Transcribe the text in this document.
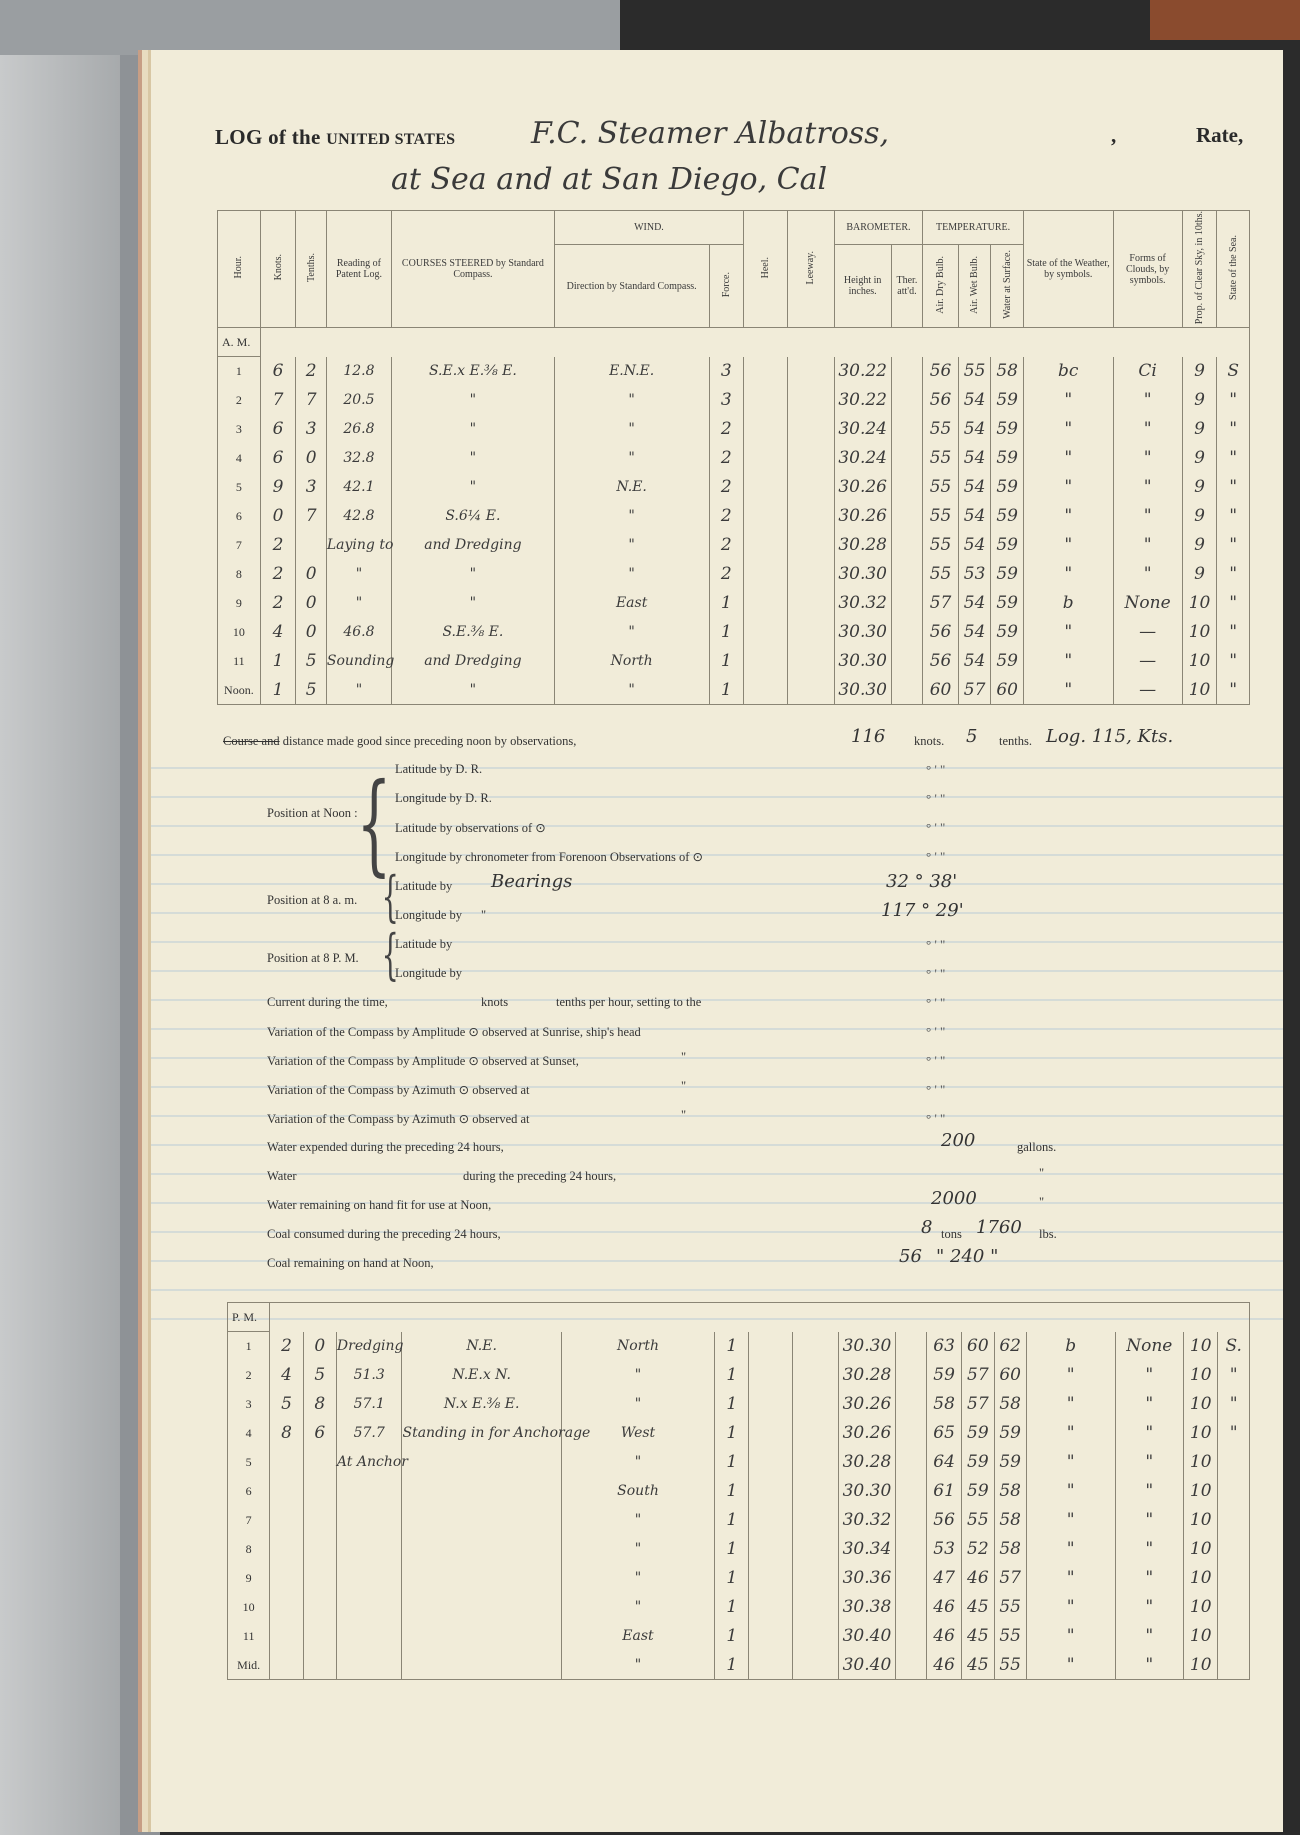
LOG of the UNITED STATES	F.C. Steamer Albatross,	,	Rate,
at Sea and at San Diego, Cal
Hour.	Knots.	Tenths.	Reading of Patent Log.	COURSES STEERED by Standard Compass.	WIND.		Heel.	Leeway.	BAROMETER.		TEMPERATURE.			State of the Weather, by symbols.	Forms of Clouds, by symbols.	Prop. of Clear Sky, in 10ths.	State of the Sea.
					Direction by Standard Compass.	Force.			Height in inches.	Ther. att'd.	Air. Dry Bulb.	Air. Wet Bulb.	Water at Surface.				
A. M.																	
1	6	2	12.8	S.E.x E.⅜ E.	E.N.E.	3			30.22		56	55	58	bc	Ci	9	S
2	7	7	20.5	"	"	3			30.22		56	54	59	"	"	9	"
3	6	3	26.8	"	"	2			30.24		55	54	59	"	"	9	"
4	6	0	32.8	"	"	2			30.24		55	54	59	"	"	9	"
5	9	3	42.1	"	N.E.	2			30.26		55	54	59	"	"	9	"
6	0	7	42.8	S.6¼ E.	"	2			30.26		55	54	59	"	"	9	"
7	2		Laying to	and Dredging	"	2			30.28		55	54	59	"	"	9	"
8	2	0	"	"	"	2			30.30		55	53	59	"	"	9	"
9	2	0	"	"	East	1			30.32		57	54	59	b	None	10	"
10	4	0	46.8	S.E.⅜ E.	"	1			30.30		56	54	59	"	—	10	"
11	1	5	Sounding	and Dredging	North	1			30.30		56	54	59	"	—	10	"
Noon.	1	5	"	"	"	1			30.30		60	57	60	"	—	10	"
Course and distance made good since preceding noon by observations,	116 knots. 5 tenths. Log. 115, Kts.
Position at Noon :
{ Latitude by D. R.
Longitude by D. R.
Latitude by observations of ⊙
Longitude by chronometer from Forenoon Observations of ⊙
Position at 8 a. m. {
Latitude by Bearings
Longitude by "
32 ° 38'
117 ° 29'
Position at 8 P. M. {
Latitude by
Longitude by
Current during the time,	knots	tenths per hour, setting to the
Variation of the Compass by Amplitude ⊙ observed at Sunrise, ship's head
Variation of the Compass by Amplitude ⊙ observed at Sunset,	"
Variation of the Compass by Azimuth ⊙ observed at	"
Variation of the Compass by Azimuth ⊙ observed at	"
° ' "
° ' "
° ' "
° ' "
° ' "
° ' "
° ' "
° ' "
° ' "
° ' "
° ' "
Water expended during the preceding 24 hours,	200	gallons.
Water	during the preceding 24 hours,	"
Water remaining on hand fit for use at Noon,	2000	"
Coal consumed during the preceding 24 hours,	8 tons 1760 lbs.
Coal remaining on hand at Noon,	56 " 240 "
P. M.																	
1	2	0	Dredging	N.E.	North	1			30.30		63	60	62	b	None	10	S.
2	4	5	51.3	N.E.x N.	"	1			30.28		59	57	60	"	"	10	"
3	5	8	57.1	N.x E.⅜ E.	"	1			30.26		58	57	58	"	"	10	"
4	8	6	57.7	Standing in for Anchorage	West	1			30.26		65	59	59	"	"	10	"
5			At Anchor		"	1			30.28		64	59	59	"	"	10	
6					South	1			30.30		61	59	58	"	"	10	
7					"	1			30.32		56	55	58	"	"	10	
8					"	1			30.34		53	52	58	"	"	10	
9					"	1			30.36		47	46	57	"	"	10	
10					"	1			30.38		46	45	55	"	"	10	
11					East	1			30.40		46	45	55	"	"	10	
Mid.					"	1			30.40		46	45	55	"	"	10	
